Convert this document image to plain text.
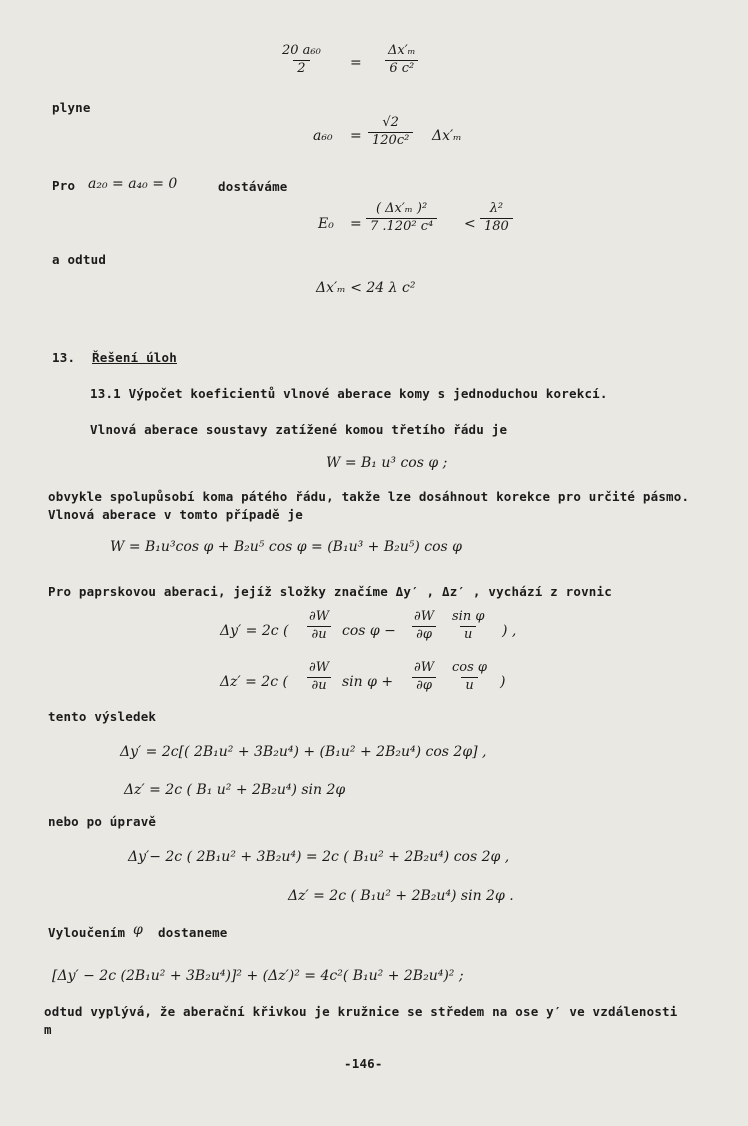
$\frac{\text{20 a₆₀}}{2} = \frac{\text{Δx′ₘ}}{\text{6 c²}}$
plyne
$a_{60} = \frac{√2}{\text{120c²}} \Delta x'_m$
Pro a₂₀ = a₄₀ = 0	dostáváme
$E_0 = \frac{\text{( Δx′ₘ )²}}{\text{7 .120² c⁴}} < \frac{\text{λ²}}{180}$
a odtud
Δx′ₘ < 24 λ c²
13. Řešení úloh
13.1 Výpočet koeficientů vlnové aberace komy s jednoduchou korekcí.
Vlnová aberace soustavy zatížené komou třetího řádu je
W = B₁ u³ cos φ ;
obvykle spolupůsobí koma pátého řádu, takže lze dosáhnout korekce pro určité pásmo.
Vlnová aberace v tomto případě je
W = B₁u³cos φ + B₂u⁵ cos φ = (B₁u³ + B₂u⁵) cos φ
Pro paprskovou aberaci, jejíž složky značíme Δy′ , Δz′ , vychází z rovnic
Δy′ = 2c ( $\frac{\partial W}{\partial u}$ $\cos \varphi - \frac{\partial W}{\partial\varphi} \frac{\text{sin φ}}{u}$ ) ,
Δz′ = 2c ( $\frac{\partial W}{\partial u}$ $\sin \varphi + \frac{\partial W}{\partial\varphi} \frac{\text{cos φ}}{u}$ )
tento výsledek
Δy′ = 2c[( 2B₁u² + 3B₂u⁴) + (B₁u² + 2B₂u⁴) cos 2φ] ,
Δz′ = 2c ( B₁ u² + 2B₂u⁴) sin 2φ
nebo po úpravě
Δy′− 2c ( 2B₁u² + 3B₂u⁴) = 2c ( B₁u² + 2B₂u⁴) cos 2φ ,
Δz′ = 2c ( B₁u² + 2B₂u⁴) sin 2φ .
Vyloučením φ dostaneme
[Δy′ − 2c (2B₁u² + 3B₂u⁴)]² + (Δz′)² = 4c²( B₁u² + 2B₂u⁴)² ;
odtud vyplývá, že aberační křivkou je kružnice se středem na ose y′ ve vzdálenosti
m
-146-
